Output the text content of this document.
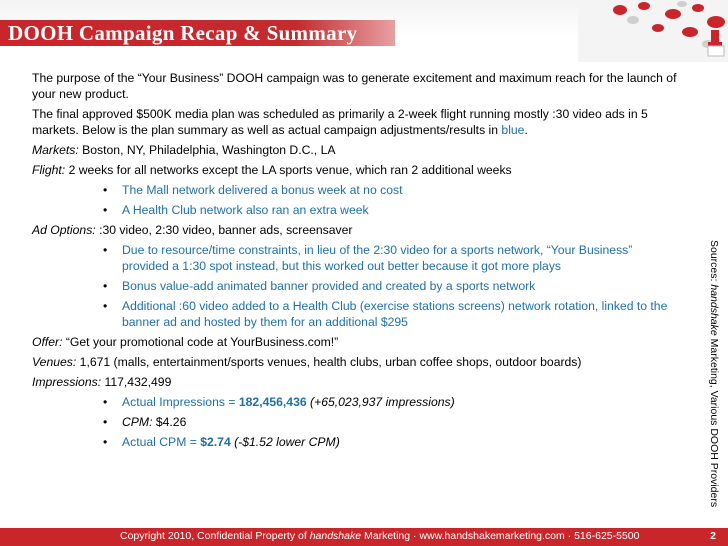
DOOH Campaign Recap & Summary

The purpose of the “Your Business” DOOH campaign was to generate excitement and maximum reach for the launch of your new product.

The final approved $500K media plan was scheduled as primarily a 2-week flight running mostly :30 video ads in 5 markets. Below is the plan summary as well as actual campaign adjustments/results in blue.

Markets: Boston, NY, Philadelphia, Washington D.C., LA

Flight: 2 weeks for all networks except the LA sports venue, which ran 2 additional weeks

• The Mall network delivered a bonus week at no cost

• A Health Club network also ran an extra week

Ad Options: :30 video, 2:30 video, banner ads, screensaver

• Due to resource/time constraints, in lieu of the 2:30 video for a sports network, “Your Business” provided a 1:30 spot instead, but this worked out better because it got more plays

• Bonus value-add animated banner provided and created by a sports network

• Additional :60 video added to a Health Club (exercise stations screens) network rotation, linked to the banner ad and hosted by them for an additional $295

Offer: “Get your promotional code at YourBusiness.com!”

Venues: 1,671 (malls, entertainment/sports venues, health clubs, urban coffee shops, outdoor boards)

Impressions: 117,432,499

• Actual Impressions = 182,456,436 (+65,023,937 impressions)

• CPM: $4.26

• Actual CPM = $2.74 (-$1.52 lower CPM)

Sources: handshake Marketing, Various DOOH Providers
Copyright 2010, Confidential Property of handshake Marketing · www.handshakemarketing.com · 516-625-5500	2
